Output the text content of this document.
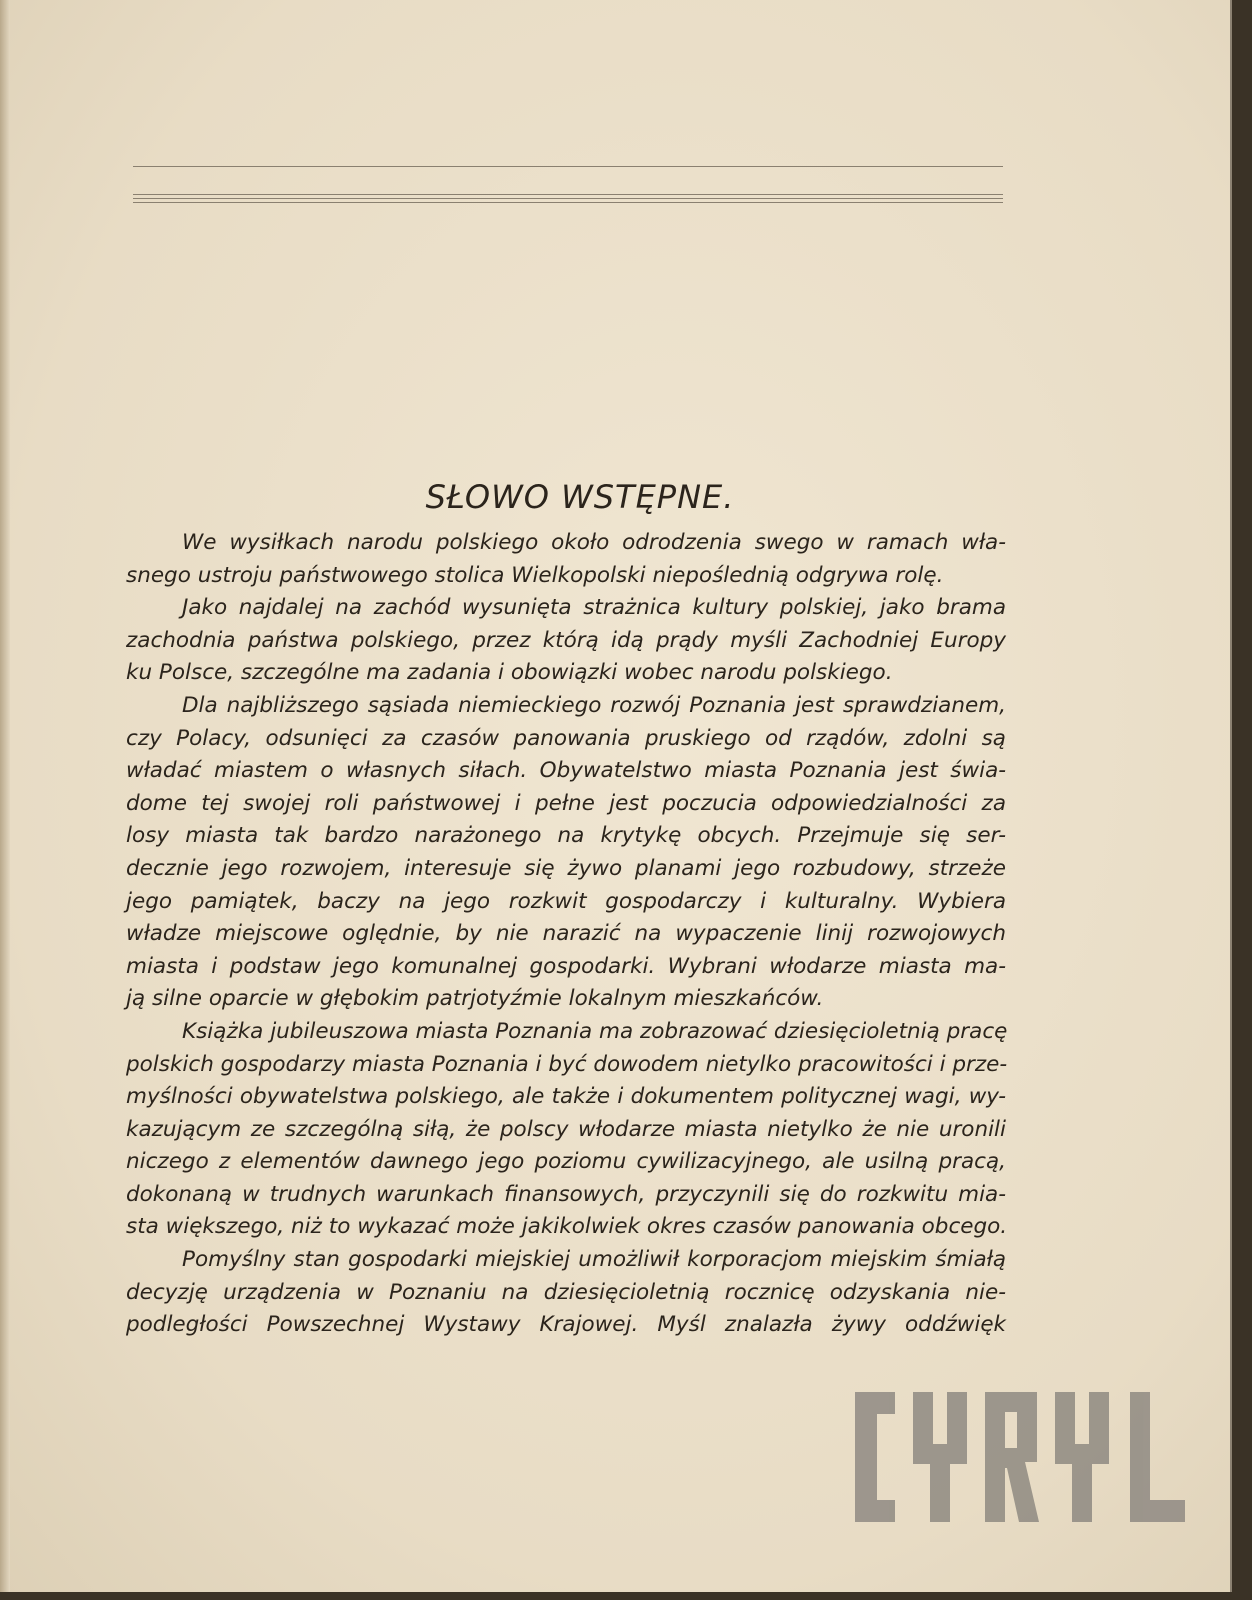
SŁOWO WSTĘPNE.
We wysiłkach narodu polskiego około odrodzenia swego w ramach wła-
snego ustroju państwowego stolica Wielkopolski niepoślednią odgrywa rolę.
Jako najdalej na zachód wysunięta strażnica kultury polskiej, jako brama
zachodnia państwa polskiego, przez którą idą prądy myśli Zachodniej Europy
ku Polsce, szczególne ma zadania i obowiązki wobec narodu polskiego.
Dla najbliższego sąsiada niemieckiego rozwój Poznania jest sprawdzianem,
czy Polacy, odsunięci za czasów panowania pruskiego od rządów, zdolni są
władać miastem o własnych siłach. Obywatelstwo miasta Poznania jest świa-
dome tej swojej roli państwowej i pełne jest poczucia odpowiedzialności za
losy miasta tak bardzo narażonego na krytykę obcych. Przejmuje się ser-
decznie jego rozwojem, interesuje się żywo planami jego rozbudowy, strzeże
jego pamiątek, baczy na jego rozkwit gospodarczy i kulturalny. Wybiera
władze miejscowe oględnie, by nie narazić na wypaczenie linij rozwojowych
miasta i podstaw jego komunalnej gospodarki. Wybrani włodarze miasta ma-
ją silne oparcie w głębokim patrjotyźmie lokalnym mieszkańców.
Książka jubileuszowa miasta Poznania ma zobrazować dziesięcioletnią pracę
polskich gospodarzy miasta Poznania i być dowodem nietylko pracowitości i prze-
myślności obywatelstwa polskiego, ale także i dokumentem politycznej wagi, wy-
kazującym ze szczególną siłą, że polscy włodarze miasta nietylko że nie uronili
niczego z elementów dawnego jego poziomu cywilizacyjnego, ale usilną pracą,
dokonaną w trudnych warunkach finansowych, przyczynili się do rozkwitu mia-
sta większego, niż to wykazać może jakikolwiek okres czasów panowania obcego.
Pomyślny stan gospodarki miejskiej umożliwił korporacjom miejskim śmiałą
decyzję urządzenia w Poznaniu na dziesięcioletnią rocznicę odzyskania nie-
podległości Powszechnej Wystawy Krajowej. Myśl znalazła żywy oddźwięk
